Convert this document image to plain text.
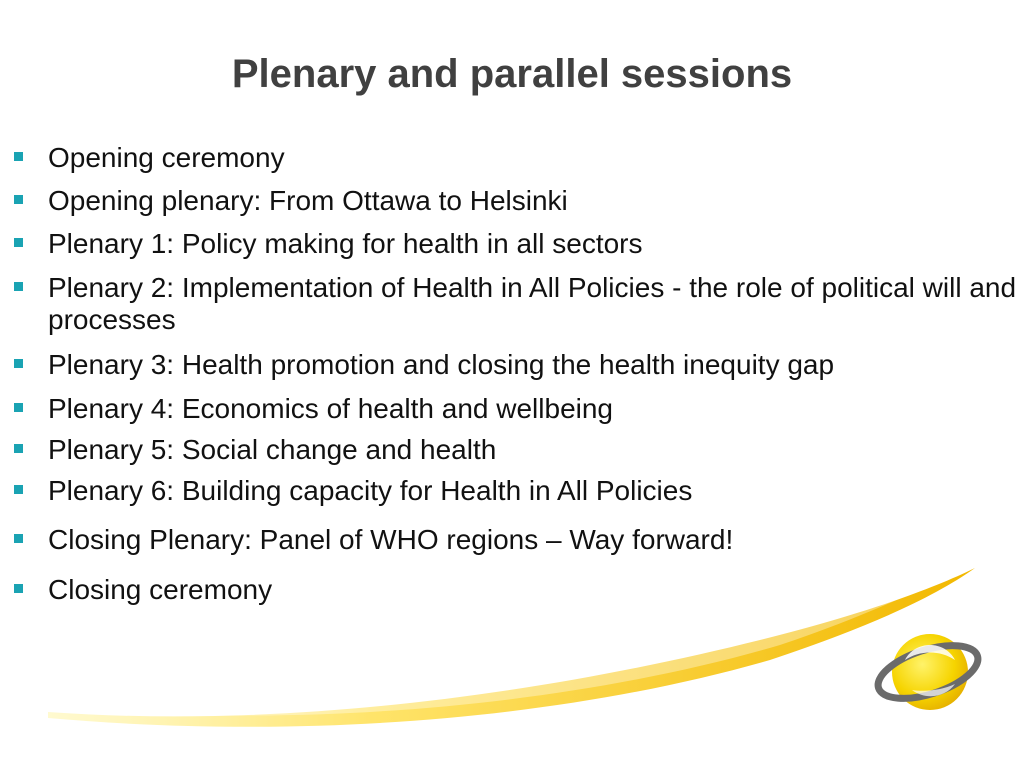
Plenary and parallel sessions
Opening ceremony
Opening plenary: From Ottawa to Helsinki
Plenary 1: Policy making for health in all sectors
Plenary 2: Implementation of Health in All Policies - the role of political will and processes
Plenary 3: Health promotion and closing the health inequity gap
Plenary 4: Economics of health and wellbeing
Plenary 5: Social change and health
Plenary 6: Building capacity for Health in All Policies
Closing Plenary: Panel of WHO regions – Way forward!
Closing ceremony
